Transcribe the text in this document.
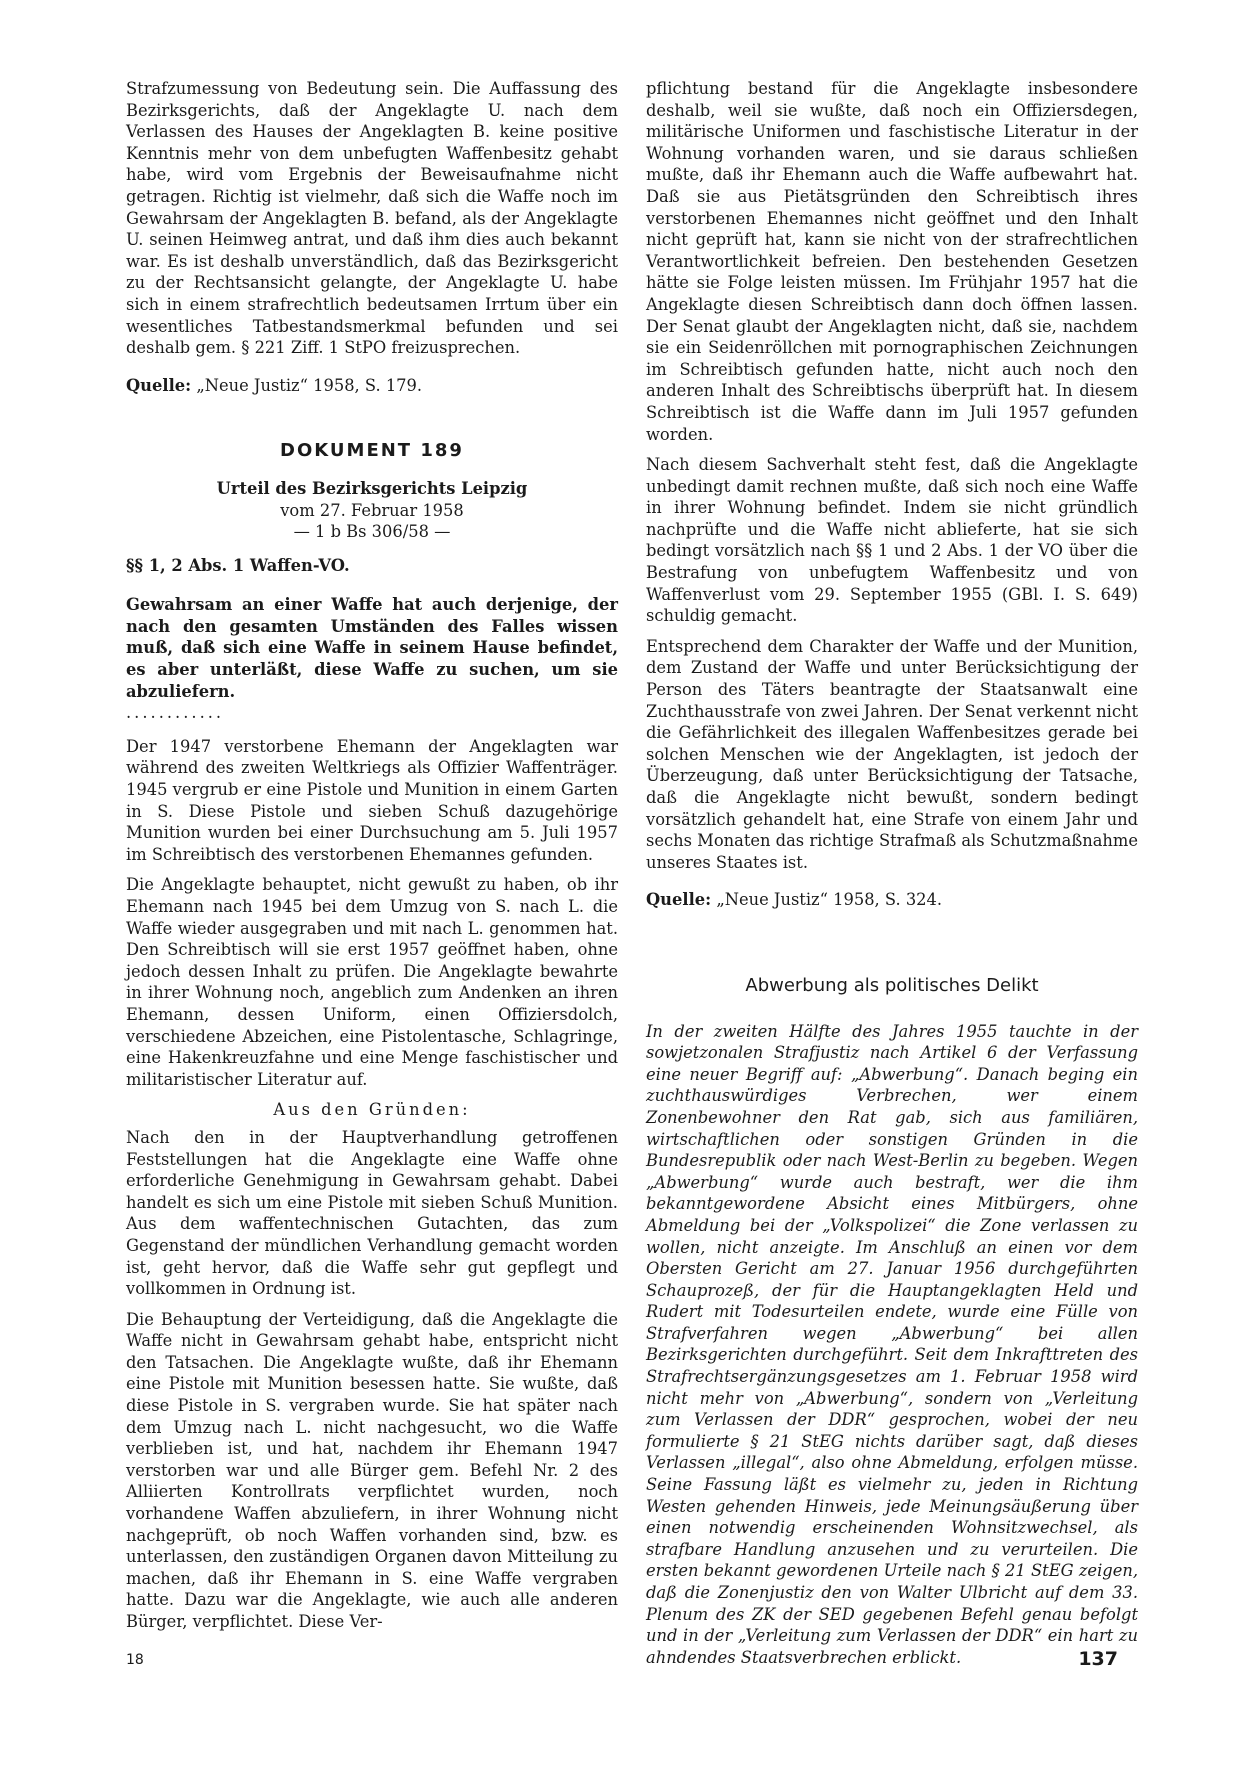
Strafzumessung von Bedeutung sein. Die Auffassung des Bezirksgerichts, daß der Angeklagte U. nach dem Verlassen des Hauses der Angeklagten B. keine positive Kenntnis mehr von dem unbefugten Waffenbesitz gehabt habe, wird vom Ergebnis der Beweisaufnahme nicht getragen. Richtig ist vielmehr, daß sich die Waffe noch im Gewahrsam der Angeklagten B. befand, als der Angeklagte U. seinen Heimweg antrat, und daß ihm dies auch bekannt war. Es ist deshalb unverständlich, daß das Bezirksgericht zu der Rechtsansicht gelangte, der Angeklagte U. habe sich in einem strafrechtlich bedeutsamen Irrtum über ein wesentliches Tatbestandsmerkmal befunden und sei deshalb gem. § 221 Ziff. 1 StPO freizusprechen.

Quelle: „Neue Justiz“ 1958, S. 179.

DOKUMENT 189

Urteil des Bezirksgerichts Leipzig

vom 27. Februar 1958

— 1 b Bs 306/58 —

§§ 1, 2 Abs. 1 Waffen-VO.

Gewahrsam an einer Waffe hat auch derjenige, der nach den gesamten Umständen des Falles wissen muß, daß sich eine Waffe in seinem Hause befindet, es aber unterläßt, diese Waffe zu suchen, um sie abzuliefern.

............

Der 1947 verstorbene Ehemann der Angeklagten war während des zweiten Weltkriegs als Offizier Waffenträger. 1945 vergrub er eine Pistole und Munition in einem Garten in S. Diese Pistole und sieben Schuß dazugehörige Munition wurden bei einer Durchsuchung am 5. Juli 1957 im Schreibtisch des verstorbenen Ehemannes gefunden.

Die Angeklagte behauptet, nicht gewußt zu haben, ob ihr Ehemann nach 1945 bei dem Umzug von S. nach L. die Waffe wieder ausgegraben und mit nach L. genommen hat. Den Schreibtisch will sie erst 1957 geöffnet haben, ohne jedoch dessen Inhalt zu prüfen. Die Angeklagte bewahrte in ihrer Wohnung noch, angeblich zum Andenken an ihren Ehemann, dessen Uniform, einen Offiziersdolch, verschiedene Abzeichen, eine Pistolentasche, Schlagringe, eine Hakenkreuzfahne und eine Menge faschistischer und militaristischer Literatur auf.

Aus den Gründen:

Nach den in der Hauptverhandlung getroffenen Feststellungen hat die Angeklagte eine Waffe ohne erforderliche Genehmigung in Gewahrsam gehabt. Dabei handelt es sich um eine Pistole mit sieben Schuß Munition. Aus dem waffentechnischen Gutachten, das zum Gegenstand der mündlichen Verhandlung gemacht worden ist, geht hervor, daß die Waffe sehr gut gepflegt und vollkommen in Ordnung ist.

Die Behauptung der Verteidigung, daß die Angeklagte die Waffe nicht in Gewahrsam gehabt habe, entspricht nicht den Tatsachen. Die Angeklagte wußte, daß ihr Ehemann eine Pistole mit Munition besessen hatte. Sie wußte, daß diese Pistole in S. vergraben wurde. Sie hat später nach dem Umzug nach L. nicht nachgesucht, wo die Waffe verblieben ist, und hat, nachdem ihr Ehemann 1947 verstorben war und alle Bürger gem. Befehl Nr. 2 des Alliierten Kontrollrats verpflichtet wurden, noch vorhandene Waffen abzuliefern, in ihrer Wohnung nicht nachgeprüft, ob noch Waffen vorhanden sind, bzw. es unterlassen, den zuständigen Organen davon Mitteilung zu machen, daß ihr Ehemann in S. eine Waffe vergraben hatte. Dazu war die Angeklagte, wie auch alle anderen Bürger, verpflichtet. Diese Ver-

pflichtung bestand für die Angeklagte insbesondere deshalb, weil sie wußte, daß noch ein Offiziersdegen, militärische Uniformen und faschistische Literatur in der Wohnung vorhanden waren, und sie daraus schließen mußte, daß ihr Ehemann auch die Waffe aufbewahrt hat. Daß sie aus Pietätsgründen den Schreibtisch ihres verstorbenen Ehemannes nicht geöffnet und den Inhalt nicht geprüft hat, kann sie nicht von der strafrechtlichen Verantwortlichkeit befreien. Den bestehenden Gesetzen hätte sie Folge leisten müssen. Im Frühjahr 1957 hat die Angeklagte diesen Schreibtisch dann doch öffnen lassen. Der Senat glaubt der Angeklagten nicht, daß sie, nachdem sie ein Seidenröllchen mit pornographischen Zeichnungen im Schreibtisch gefunden hatte, nicht auch noch den anderen Inhalt des Schreibtischs überprüft hat. In diesem Schreibtisch ist die Waffe dann im Juli 1957 gefunden worden.

Nach diesem Sachverhalt steht fest, daß die Angeklagte unbedingt damit rechnen mußte, daß sich noch eine Waffe in ihrer Wohnung befindet. Indem sie nicht gründlich nachprüfte und die Waffe nicht ablieferte, hat sie sich bedingt vorsätzlich nach §§ 1 und 2 Abs. 1 der VO über die Bestrafung von unbefugtem Waffenbesitz und von Waffenverlust vom 29. September 1955 (GBl. I. S. 649) schuldig gemacht.

Entsprechend dem Charakter der Waffe und der Munition, dem Zustand der Waffe und unter Berücksichtigung der Person des Täters beantragte der Staatsanwalt eine Zuchthausstrafe von zwei Jahren. Der Senat verkennt nicht die Gefährlichkeit des illegalen Waffenbesitzes gerade bei solchen Menschen wie der Angeklagten, ist jedoch der Überzeugung, daß unter Berücksichtigung der Tatsache, daß die Angeklagte nicht bewußt, sondern bedingt vorsätzlich gehandelt hat, eine Strafe von einem Jahr und sechs Monaten das richtige Strafmaß als Schutzmaßnahme unseres Staates ist.

Quelle: „Neue Justiz“ 1958, S. 324.

Abwerbung als politisches Delikt

In der zweiten Hälfte des Jahres 1955 tauchte in der sowjetzonalen Strafjustiz nach Artikel 6 der Verfassung eine neuer Begriff auf: „Abwerbung“. Danach beging ein zuchthauswürdiges Verbrechen, wer einem Zonenbewohner den Rat gab, sich aus familiären, wirtschaftlichen oder sonstigen Gründen in die Bundesrepublik oder nach West-Berlin zu begeben. Wegen „Abwerbung“ wurde auch bestraft, wer die ihm bekanntgewordene Absicht eines Mitbürgers, ohne Abmeldung bei der „Volkspolizei“ die Zone verlassen zu wollen, nicht anzeigte. Im Anschluß an einen vor dem Obersten Gericht am 27. Januar 1956 durchgeführten Schauprozeß, der für die Hauptangeklagten Held und Rudert mit Todesurteilen endete, wurde eine Fülle von Strafverfahren wegen „Abwerbung“ bei allen Bezirksgerichten durchgeführt. Seit dem Inkrafttreten des Strafrechtsergänzungsgesetzes am 1. Februar 1958 wird nicht mehr von „Abwerbung“, sondern von „Verleitung zum Verlassen der DDR“ gesprochen, wobei der neu formulierte § 21 StEG nichts darüber sagt, daß dieses Verlassen „illegal“, also ohne Abmeldung, erfolgen müsse. Seine Fassung läßt es vielmehr zu, jeden in Richtung Westen gehenden Hinweis, jede Meinungsäußerung über einen notwendig erscheinenden Wohnsitzwechsel, als strafbare Handlung anzusehen und zu verurteilen. Die ersten bekannt gewordenen Urteile nach § 21 StEG zeigen, daß die Zonenjustiz den von Walter Ulbricht auf dem 33. Plenum des ZK der SED gegebenen Befehl genau befolgt und in der „Verleitung zum Verlassen der DDR“ ein hart zu ahndendes Staatsverbrechen erblickt.

18	137
